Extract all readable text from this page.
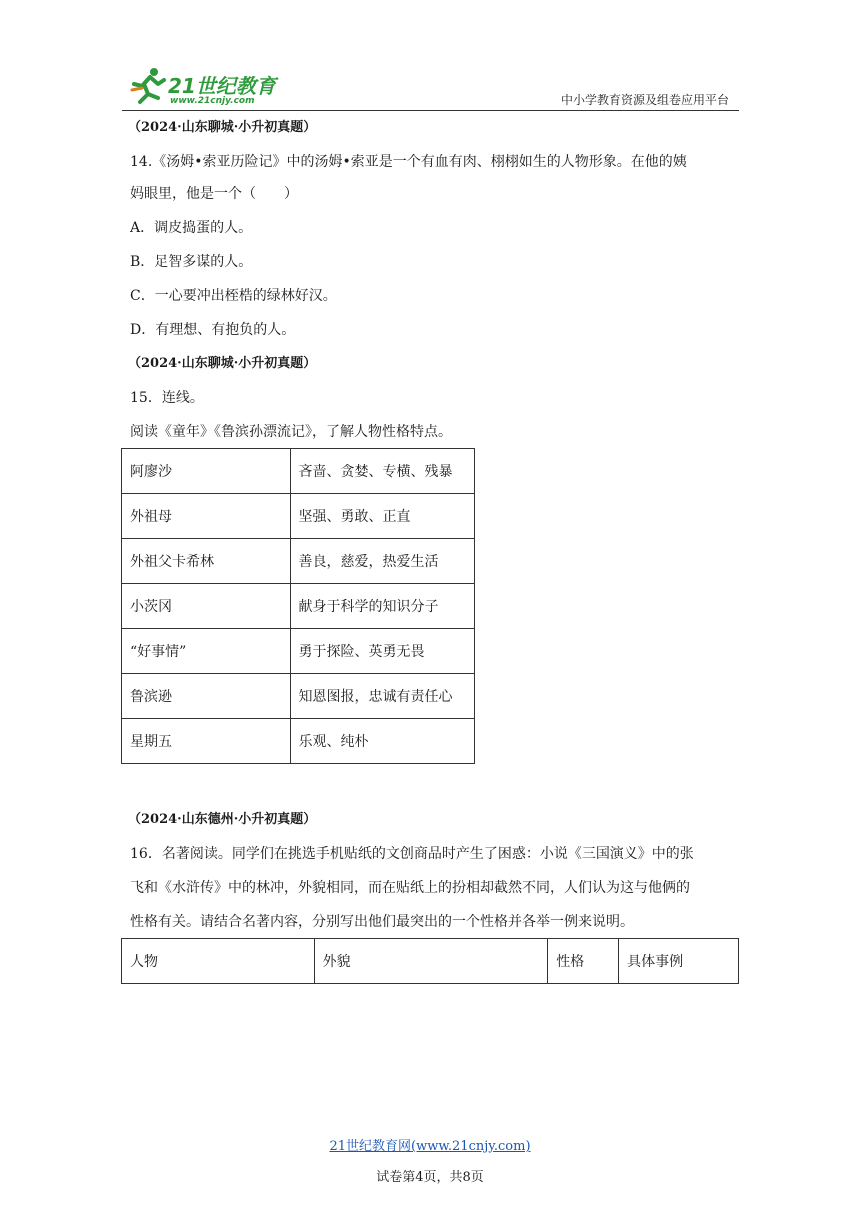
21世纪教育
www.21cnjy.com	中小学教育资源及组卷应用平台
（2024·山东聊城·小升初真题）
14.《汤姆•索亚历险记》中的汤姆•索亚是一个有血有肉、栩栩如生的人物形象。在他的姨
妈眼里，他是一个（　　）
A．调皮捣蛋的人。
B．足智多谋的人。
C．一心要冲出桎梏的绿林好汉。
D．有理想、有抱负的人。
（2024·山东聊城·小升初真题）
15．连线。
阅读《童年》《鲁滨孙漂流记》，了解人物性格特点。
阿廖沙	吝啬、贪婪、专横、残暴
外祖母	坚强、勇敢、正直
外祖父卡希林	善良，慈爱，热爱生活
小茨冈	献身于科学的知识分子
“好事情”	勇于探险、英勇无畏
鲁滨逊	知恩图报，忠诚有责任心
星期五	乐观、纯朴
（2024·山东德州·小升初真题）
16．名著阅读。同学们在挑选手机贴纸的文创商品时产生了困惑：小说《三国演义》中的张
飞和《水浒传》中的林冲，外貌相同，而在贴纸上的扮相却截然不同，人们认为这与他俩的
性格有关。请结合名著内容，分别写出他们最突出的一个性格并各举一例来说明。
人物	外貌	性格	具体事例
21世纪教育网(www.21cnjy.com)
试卷第4页，共8页
